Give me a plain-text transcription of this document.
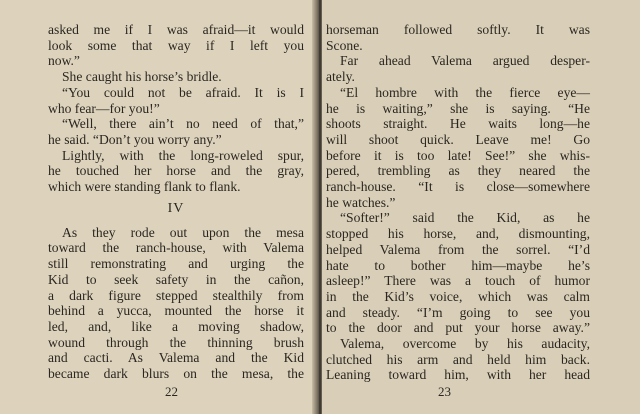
asked me if I was afraid—it would
look some that way if I left you
now.”
She caught his horse’s bridle.
“You could not be afraid. It is I
who fear—for you!”
“Well, there ain’t no need of that,”
he said. “Don’t you worry any.”
Lightly, with the long-roweled spur,
he touched her horse and the gray,
which were standing flank to flank.
IV
As they rode out upon the mesa
toward the ranch-house, with Valema
still remonstrating and urging the
Kid to seek safety in the cañon,
a dark figure stepped stealthily from
behind a yucca, mounted the horse it
led, and, like a moving shadow,
wound through the thinning brush
and cacti. As Valema and the Kid
became dark blurs on the mesa, the
22
horseman followed softly. It was
Scone.
Far ahead Valema argued desper-
ately.
“El hombre with the fierce eye—
he is waiting,” she is saying. “He
shoots straight. He waits long—he
will shoot quick. Leave me! Go
before it is too late! See!” she whis-
pered, trembling as they neared the
ranch-house. “It is close—somewhere
he watches.”
“Softer!” said the Kid, as he
stopped his horse, and, dismounting,
helped Valema from the sorrel. “I’d
hate to bother him—maybe he’s
asleep!” There was a touch of humor
in the Kid’s voice, which was calm
and steady. “I’m going to see you
to the door and put your horse away.”
Valema, overcome by his audacity,
clutched his arm and held him back.
Leaning toward him, with her head
23
